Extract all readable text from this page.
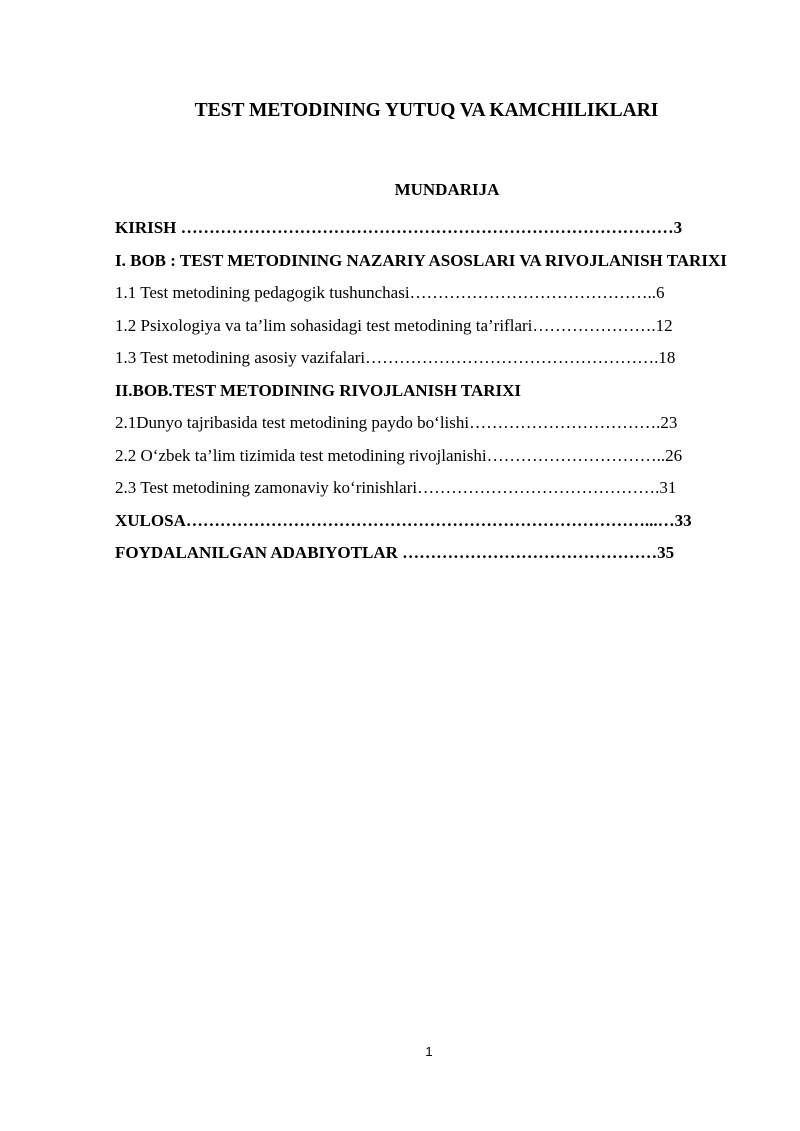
TEST METODINING YUTUQ VA KAMCHILIKLARI
MUNDARIJA
KIRISH ……………………………………………………………………………3
I. BOB : TEST METODINING NAZARIY ASOSLARI VA RIVOJLANISH TARIXI
1.1 Test metodining pedagogik tushunchasi……………………………………..6
1.2 Psixologiya va ta’lim sohasidagi test metodining ta’riflari………………….12
1.3 Test metodining asosiy vazifalari…………………………………………….18
II.BOB.TEST METODINING RIVOJLANISH TARIXI
2.1Dunyo tajribasida test metodining paydo bo‘lishi…………………………….23
2.2 O‘zbek ta’lim tizimida test metodining rivojlanishi…………………………..26
2.3 Test metodining zamonaviy ko‘rinishlari…………………………………….31
XULOSA………………………………………………………………………...…33
FOYDALANILGAN ADABIYOTLAR ………………………………………35
1
